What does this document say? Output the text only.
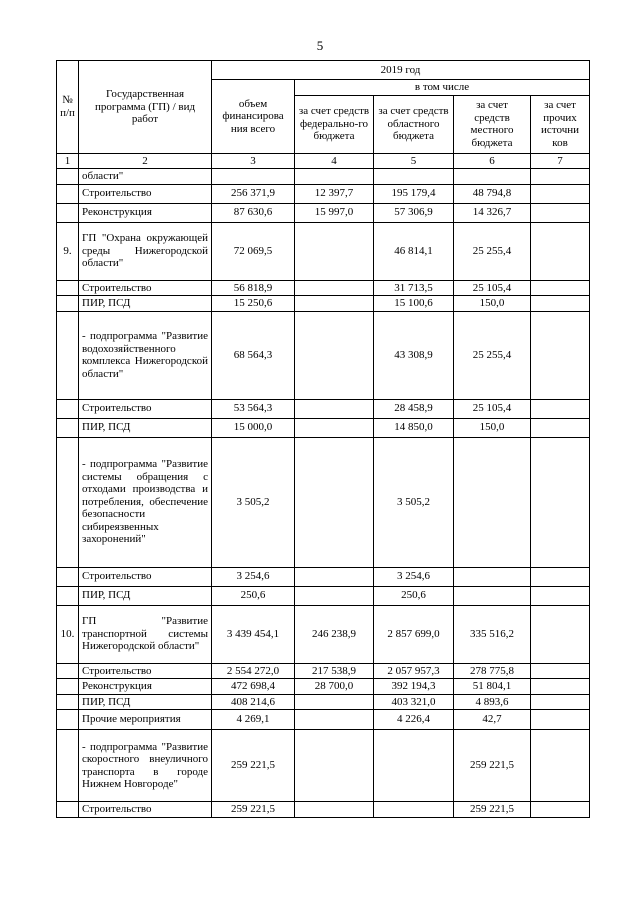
5
№ п/п	Государственная программа (ГП) / вид работ	2019 год				
		объем финансирова ния всего	в том числе			
			за счет средств федерально-го бюджета	за счет средств областного бюджета	за счет средств местного бюджета	за счет прочих источни ков
1	2	3	4	5	6	7
	области"					
	Строительство	256 371,9	12 397,7	195 179,4	48 794,8	
	Реконструкция	87 630,6	15 997,0	57 306,9	14 326,7	
9.	ГП "Охрана окружающей среды Нижегородской области"	72 069,5		46 814,1	25 255,4	
	Строительство	56 818,9		31 713,5	25 105,4	
	ПИР, ПСД	15 250,6		15 100,6	150,0	
	- подпрограмма "Развитие водохозяйственного комплекса Нижегородской области"	68 564,3		43 308,9	25 255,4	
	Строительство	53 564,3		28 458,9	25 105,4	
	ПИР, ПСД	15 000,0		14 850,0	150,0	
	- подпрограмма "Развитие системы обращения с отходами производства и потребления, обеспечение безопасности сибиреязвенных захоронений"	3 505,2		3 505,2		
	Строительство	3 254,6		3 254,6		
	ПИР, ПСД	250,6		250,6		
10.	ГП "Развитие транспортной системы Нижегородской области"	3 439 454,1	246 238,9	2 857 699,0	335 516,2	
	Строительство	2 554 272,0	217 538,9	2 057 957,3	278 775,8	
	Реконструкция	472 698,4	28 700,0	392 194,3	51 804,1	
	ПИР, ПСД	408 214,6		403 321,0	4 893,6	
	Прочие мероприятия	4 269,1		4 226,4	42,7	
	- подпрограмма "Развитие скоростного внеуличного транспорта в городе Нижнем Новгороде"	259 221,5			259 221,5	
	Строительство	259 221,5			259 221,5	
